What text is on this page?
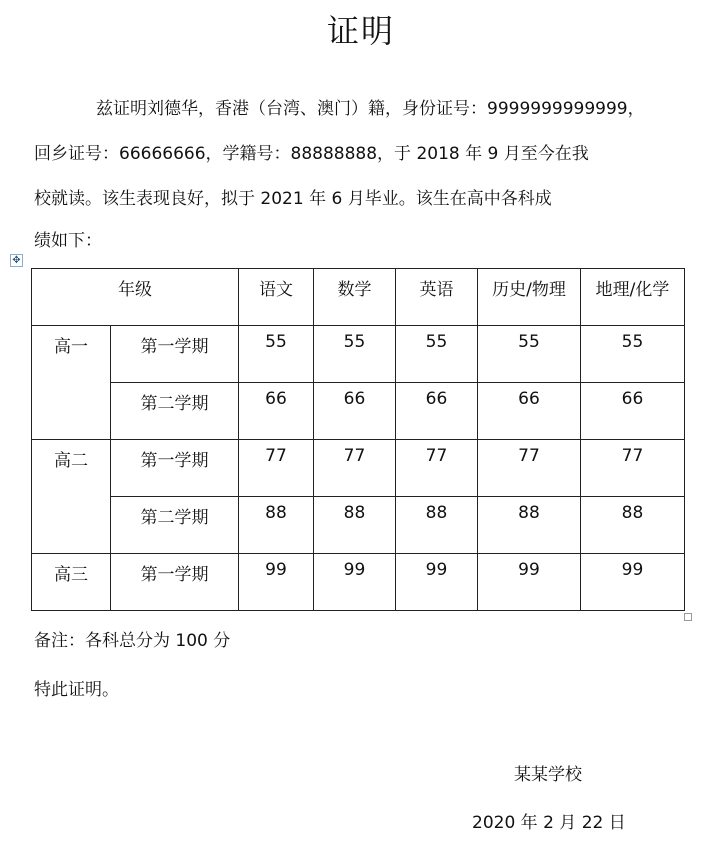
证明
兹证明刘德华，香港（台湾、澳门）籍，身份证号：9999999999999，
回乡证号：66666666，学籍号：88888888，于 2018 年 9 月至今在我
校就读。该生表现良好，拟于 2021 年 6 月毕业。该生在高中各科成
绩如下：
✥
年级		语文	数学	英语	历史/物理	地理/化学
高一	第一学期	55	55	55	55	55
	第二学期	66	66	66	66	66
高二	第一学期	77	77	77	77	77
	第二学期	88	88	88	88	88
高三	第一学期	99	99	99	99	99
备注：各科总分为 100 分
特此证明。
某某学校
2020 年 2 月 22 日
